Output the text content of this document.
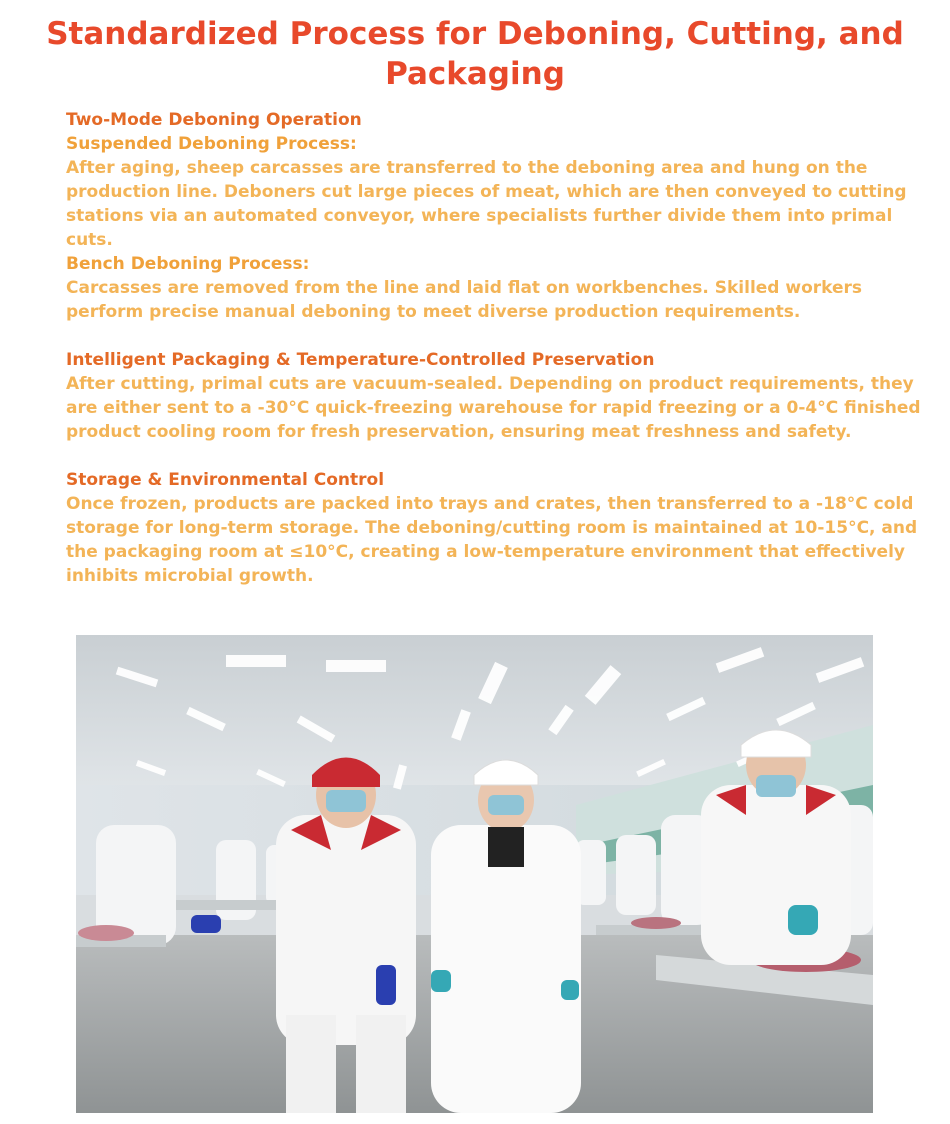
Standardized Process for Deboning, Cutting, and Packaging

Two-Mode Deboning Operation

Suspended Deboning Process:

After aging, sheep carcasses are transferred to the deboning area and hung on the production line. Deboners cut large pieces of meat, which are then conveyed to cutting stations via an automated conveyor, where specialists further divide them into primal cuts.

Bench Deboning Process:

Carcasses are removed from the line and laid flat on workbenches. Skilled workers perform precise manual deboning to meet diverse production requirements.

Intelligent Packaging & Temperature-Controlled Preservation

After cutting, primal cuts are vacuum-sealed. Depending on product requirements, they are either sent to a -30°C quick-freezing warehouse for rapid freezing or a 0-4°C finished product cooling room for fresh preservation, ensuring meat freshness and safety.

Storage & Environmental Control

Once frozen, products are packed into trays and crates, then transferred to a -18°C cold storage for long-term storage. The deboning/cutting room is maintained at 10-15°C, and the packaging room at ≤10°C, creating a low-temperature environment that effectively inhibits microbial growth.
